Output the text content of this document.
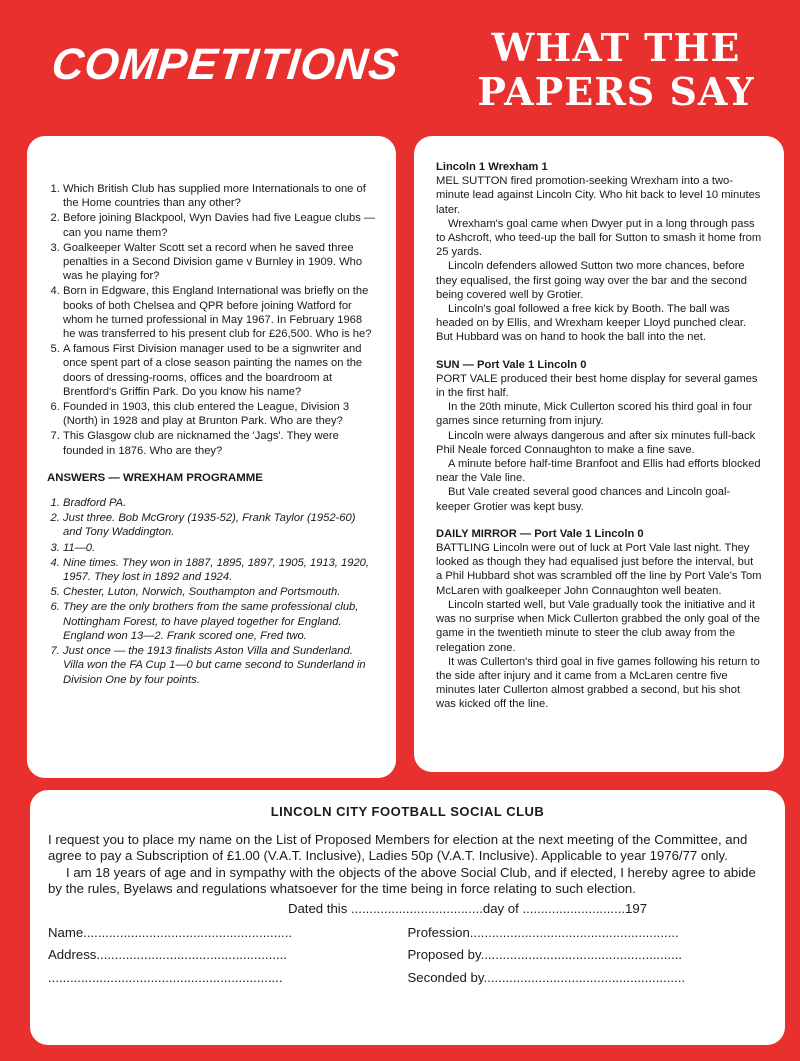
COMPETITIONS	WHAT THE
PAPERS SAY
1. Which British Club has supplied more Internationals to one of the Home countries than any other?
2. Before joining Blackpool, Wyn Davies had five League clubs — can you name them?
3. Goalkeeper Walter Scott set a record when he saved three penalties in a Second Division game v Burnley in 1909. Who was he playing for?
4. Born in Edgware, this England International was briefly on the books of both Chelsea and QPR before joining Watford for whom he turned professional in May 1967. In February 1968 he was transferred to his present club for £26,500. Who is he?
5. A famous First Division manager used to be a signwriter and once spent part of a close season painting the names on the doors of dressing-rooms, offices and the boardroom at Brentford's Griffin Park. Do you know his name?
6. Founded in 1903, this club entered the League, Division 3 (North) in 1928 and play at Brunton Park. Who are they?
7. This Glasgow club are nicknamed the 'Jags'. They were founded in 1876. Who are they?
ANSWERS — WREXHAM PROGRAMME
1. Bradford PA.
2. Just three. Bob McGrory (1935-52), Frank Taylor (1952-60) and Tony Waddington.
3. 11—0.
4. Nine times. They won in 1887, 1895, 1897, 1905, 1913, 1920, 1957. They lost in 1892 and 1924.
5. Chester, Luton, Norwich, Southampton and Portsmouth.
6. They are the only brothers from the same professional club, Nottingham Forest, to have played together for England. England won 13—2. Frank scored one, Fred two.
7. Just once — the 1913 finalists Aston Villa and Sunderland. Villa won the FA Cup 1—0 but came second to Sunderland in Division One by four points.
Lincoln 1 Wrexham 1

MEL SUTTON fired promotion-seeking Wrexham into a two-minute lead against Lincoln City. Who hit back to level 10 minutes later.

Wrexham's goal came when Dwyer put in a long through pass to Ashcroft, who teed-up the ball for Sutton to smash it home from 25 yards.

Lincoln defenders allowed Sutton two more chances, before they equalised, the first going way over the bar and the second being covered well by Grotier.

Lincoln's goal followed a free kick by Booth. The ball was headed on by Ellis, and Wrexham keeper Lloyd punched clear. But Hubbard was on hand to hook the ball into the net.

SUN — Port Vale 1 Lincoln 0

PORT VALE produced their best home display for several games in the first half.

In the 20th minute, Mick Cullerton scored his third goal in four games since returning from injury.

Lincoln were always dangerous and after six minutes full-back Phil Neale forced Connaughton to make a fine save.

A minute before half-time Branfoot and Ellis had efforts blocked near the Vale line.

But Vale created several good chances and Lincoln goal-keeper Grotier was kept busy.

DAILY MIRROR — Port Vale 1 Lincoln 0

BATTLING Lincoln were out of luck at Port Vale last night. They looked as though they had equalised just before the interval, but a Phil Hubbard shot was scrambled off the line by Port Vale's Tom McLaren with goalkeeper John Connaughton well beaten.

Lincoln started well, but Vale gradually took the initiative and it was no surprise when Mick Cullerton grabbed the only goal of the game in the twentieth minute to steer the club away from the relegation zone.

It was Cullerton's third goal in five games following his return to the side after injury and it came from a McLaren centre five minutes later Cullerton almost grabbed a second, but his shot was kicked off the line.

LINCOLN CITY FOOTBALL SOCIAL CLUB

I request you to place my name on the List of Proposed Members for election at the next meeting of the Committee, and agree to pay a Subscription of £1.00 (V.A.T. Inclusive), Ladies 50p (V.A.T. Inclusive). Applicable to year 1976/77 only.

I am 18 years of age and in sympathy with the objects of the above Social Club, and if elected, I hereby agree to abide by the rules, Byelaws and regulations whatsoever for the time being in force relating to such election.

Dated this ....................................day of ............................197
Name.........................................................
Address....................................................
................................................................
Profession.........................................................
Proposed by.......................................................
Seconded by.......................................................
